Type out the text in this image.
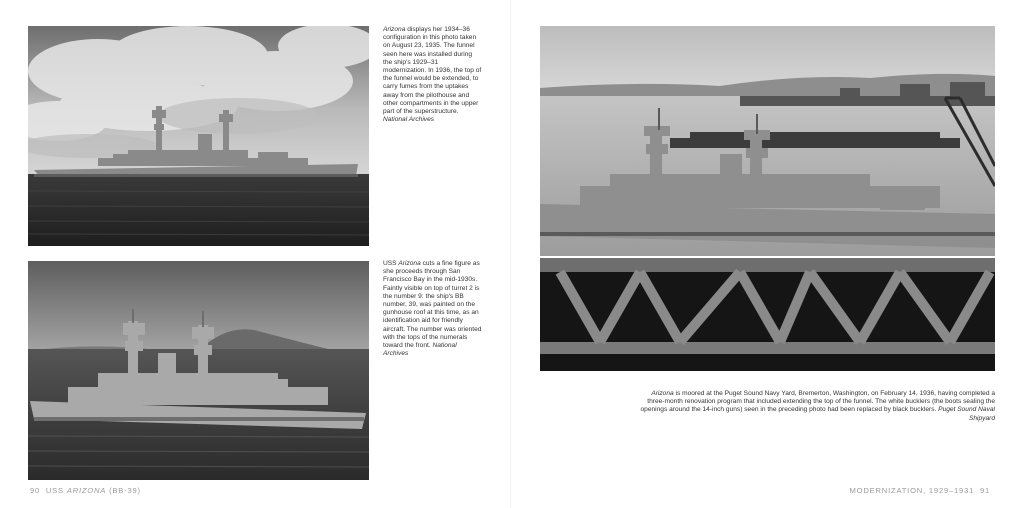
Arizona displays her 1934–36 configuration in this photo taken on August 23, 1935. The funnel seen here was installed during the ship's 1929–31 modernization. In 1936, the top of the funnel would be extended, to carry fumes from the uptakes away from the pilothouse and other compartments in the upper part of the superstructure. National Archives
USS Arizona cuts a fine figure as she proceeds through San Francisco Bay in the mid-1930s. Faintly visible on top of turret 2 is the number 9: the ship's BB number, 39, was painted on the gunhouse roof at this time, as an identification aid for friendly aircraft. The number was oriented with the tops of the numerals toward the front. National Archives
90 USS ARIZONA (BB-39)
Arizona is moored at the Puget Sound Navy Yard, Bremerton, Washington, on February 14, 1936, having completed a three-month renovation program that included extending the top of the funnel. The white bucklers (the boots sealing the openings around the 14-inch guns) seen in the preceding photo had been replaced by black bucklers. Puget Sound Naval Shipyard
MODERNIZATION, 1929–1931 91
